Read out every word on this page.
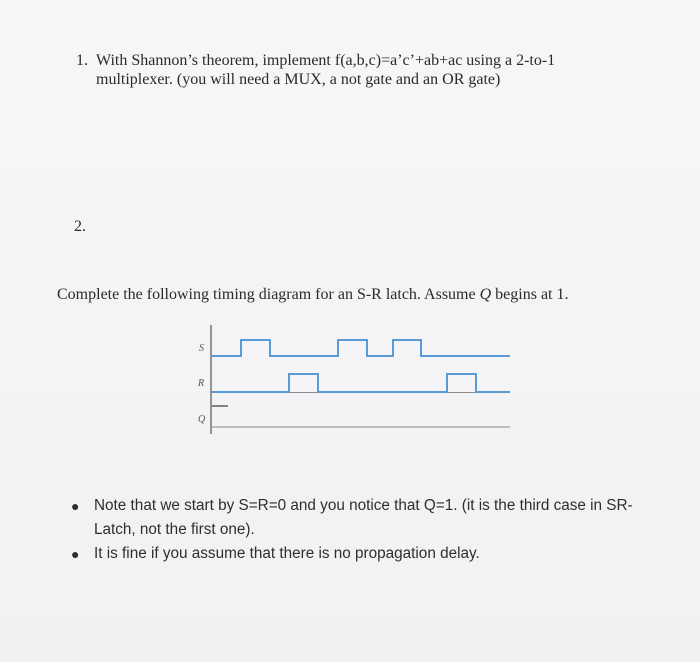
1. With Shannon’s theorem, implement f(a,b,c)=a’c’+ab+ac using a 2-to-1
multiplexer. (you will need a MUX, a not gate and an OR gate)
2.
Complete the following timing diagram for an S-R latch. Assume Q begins at 1.
S
R
Q
● Note that we start by S=R=0 and you notice that Q=1. (it is the third case in SR-Latch, not the first one).
● It is fine if you assume that there is no propagation delay.
